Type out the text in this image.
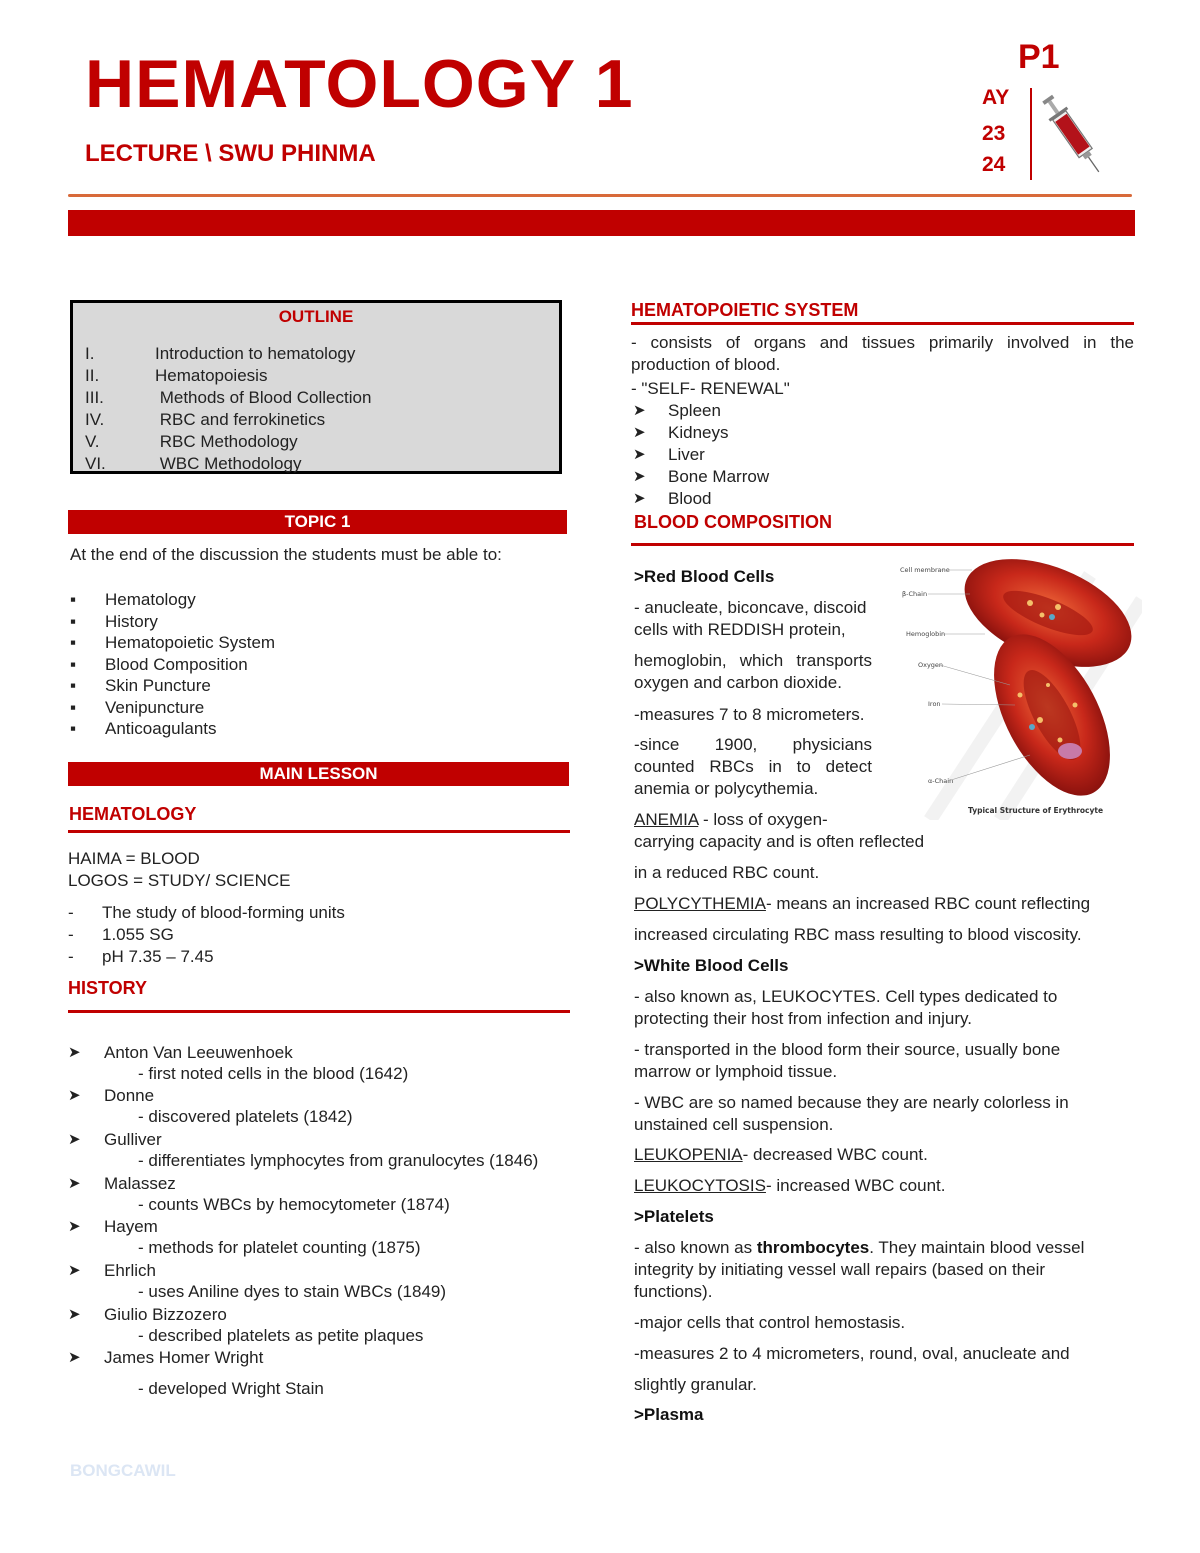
HEMATOLOGY 1
LECTURE \ SWU PHINMA
P1
AY
23
24
OUTLINE
I.	Introduction to hematology
II.	Hematopoiesis
III.	Methods of Blood Collection
IV.	RBC and ferrokinetics
V.	RBC Methodology
VI.	WBC Methodology
TOPIC 1
At the end of the discussion the students must be able to:
▪ Hematology
▪ History
▪ Hematopoietic System
▪ Blood Composition
▪ Skin Puncture
▪ Venipuncture
▪ Anticoagulants
MAIN LESSON
HEMATOLOGY
HAIMA = BLOOD
LOGOS = STUDY/ SCIENCE
- The study of blood-forming units
- 1.055 SG
- pH 7.35 – 7.45
HISTORY
➤ Anton Van Leeuwenhoek
- first noted cells in the blood (1642)
➤ Donne
- discovered platelets (1842)
➤ Gulliver
- differentiates lymphocytes from granulocytes (1846)
➤ Malassez
- counts WBCs by hemocytometer (1874)
➤ Hayem
- methods for platelet counting (1875)
➤ Ehrlich
- uses Aniline dyes to stain WBCs (1849)
➤ Giulio Bizzozero
- described platelets as petite plaques
➤ James Homer Wright
- developed Wright Stain
HEMATOPOIETIC SYSTEM
- consists of organs and tissues primarily involved in the production of blood.
- "SELF- RENEWAL"
➤ Spleen
➤ Kidneys
➤ Liver
➤ Bone Marrow
➤ Blood
BLOOD COMPOSITION
>Red Blood Cells
- anucleate, biconcave, discoid cells with REDDISH protein,
hemoglobin, which transports oxygen and carbon dioxide.
-measures 7 to 8 micrometers.
-since 1900, physicians counted RBCs in to detect anemia or polycythemia.
ANEMIA - loss of oxygen-
carrying capacity and is often reflected
in a reduced RBC count.
POLYCYTHEMIA- means an increased RBC count reflecting
increased circulating RBC mass resulting to blood viscosity.
>White Blood Cells
- also known as, LEUKOCYTES. Cell types dedicated to protecting their host from infection and injury.
- transported in the blood form their source, usually bone marrow or lymphoid tissue.
- WBC are so named because they are nearly colorless in unstained cell suspension.
LEUKOPENIA- decreased WBC count.
LEUKOCYTOSIS- increased WBC count.
>Platelets
- also known as thrombocytes. They maintain blood vessel integrity by initiating vessel wall repairs (based on their functions).
-major cells that control hemostasis.
-measures 2 to 4 micrometers, round, oval, anucleate and
slightly granular.
>Plasma
Cell membrane
β-Chain
Hemoglobin
Oxygen
Iron
α-Chain
Typical Structure of Erythrocyte
BONGCAWIL
